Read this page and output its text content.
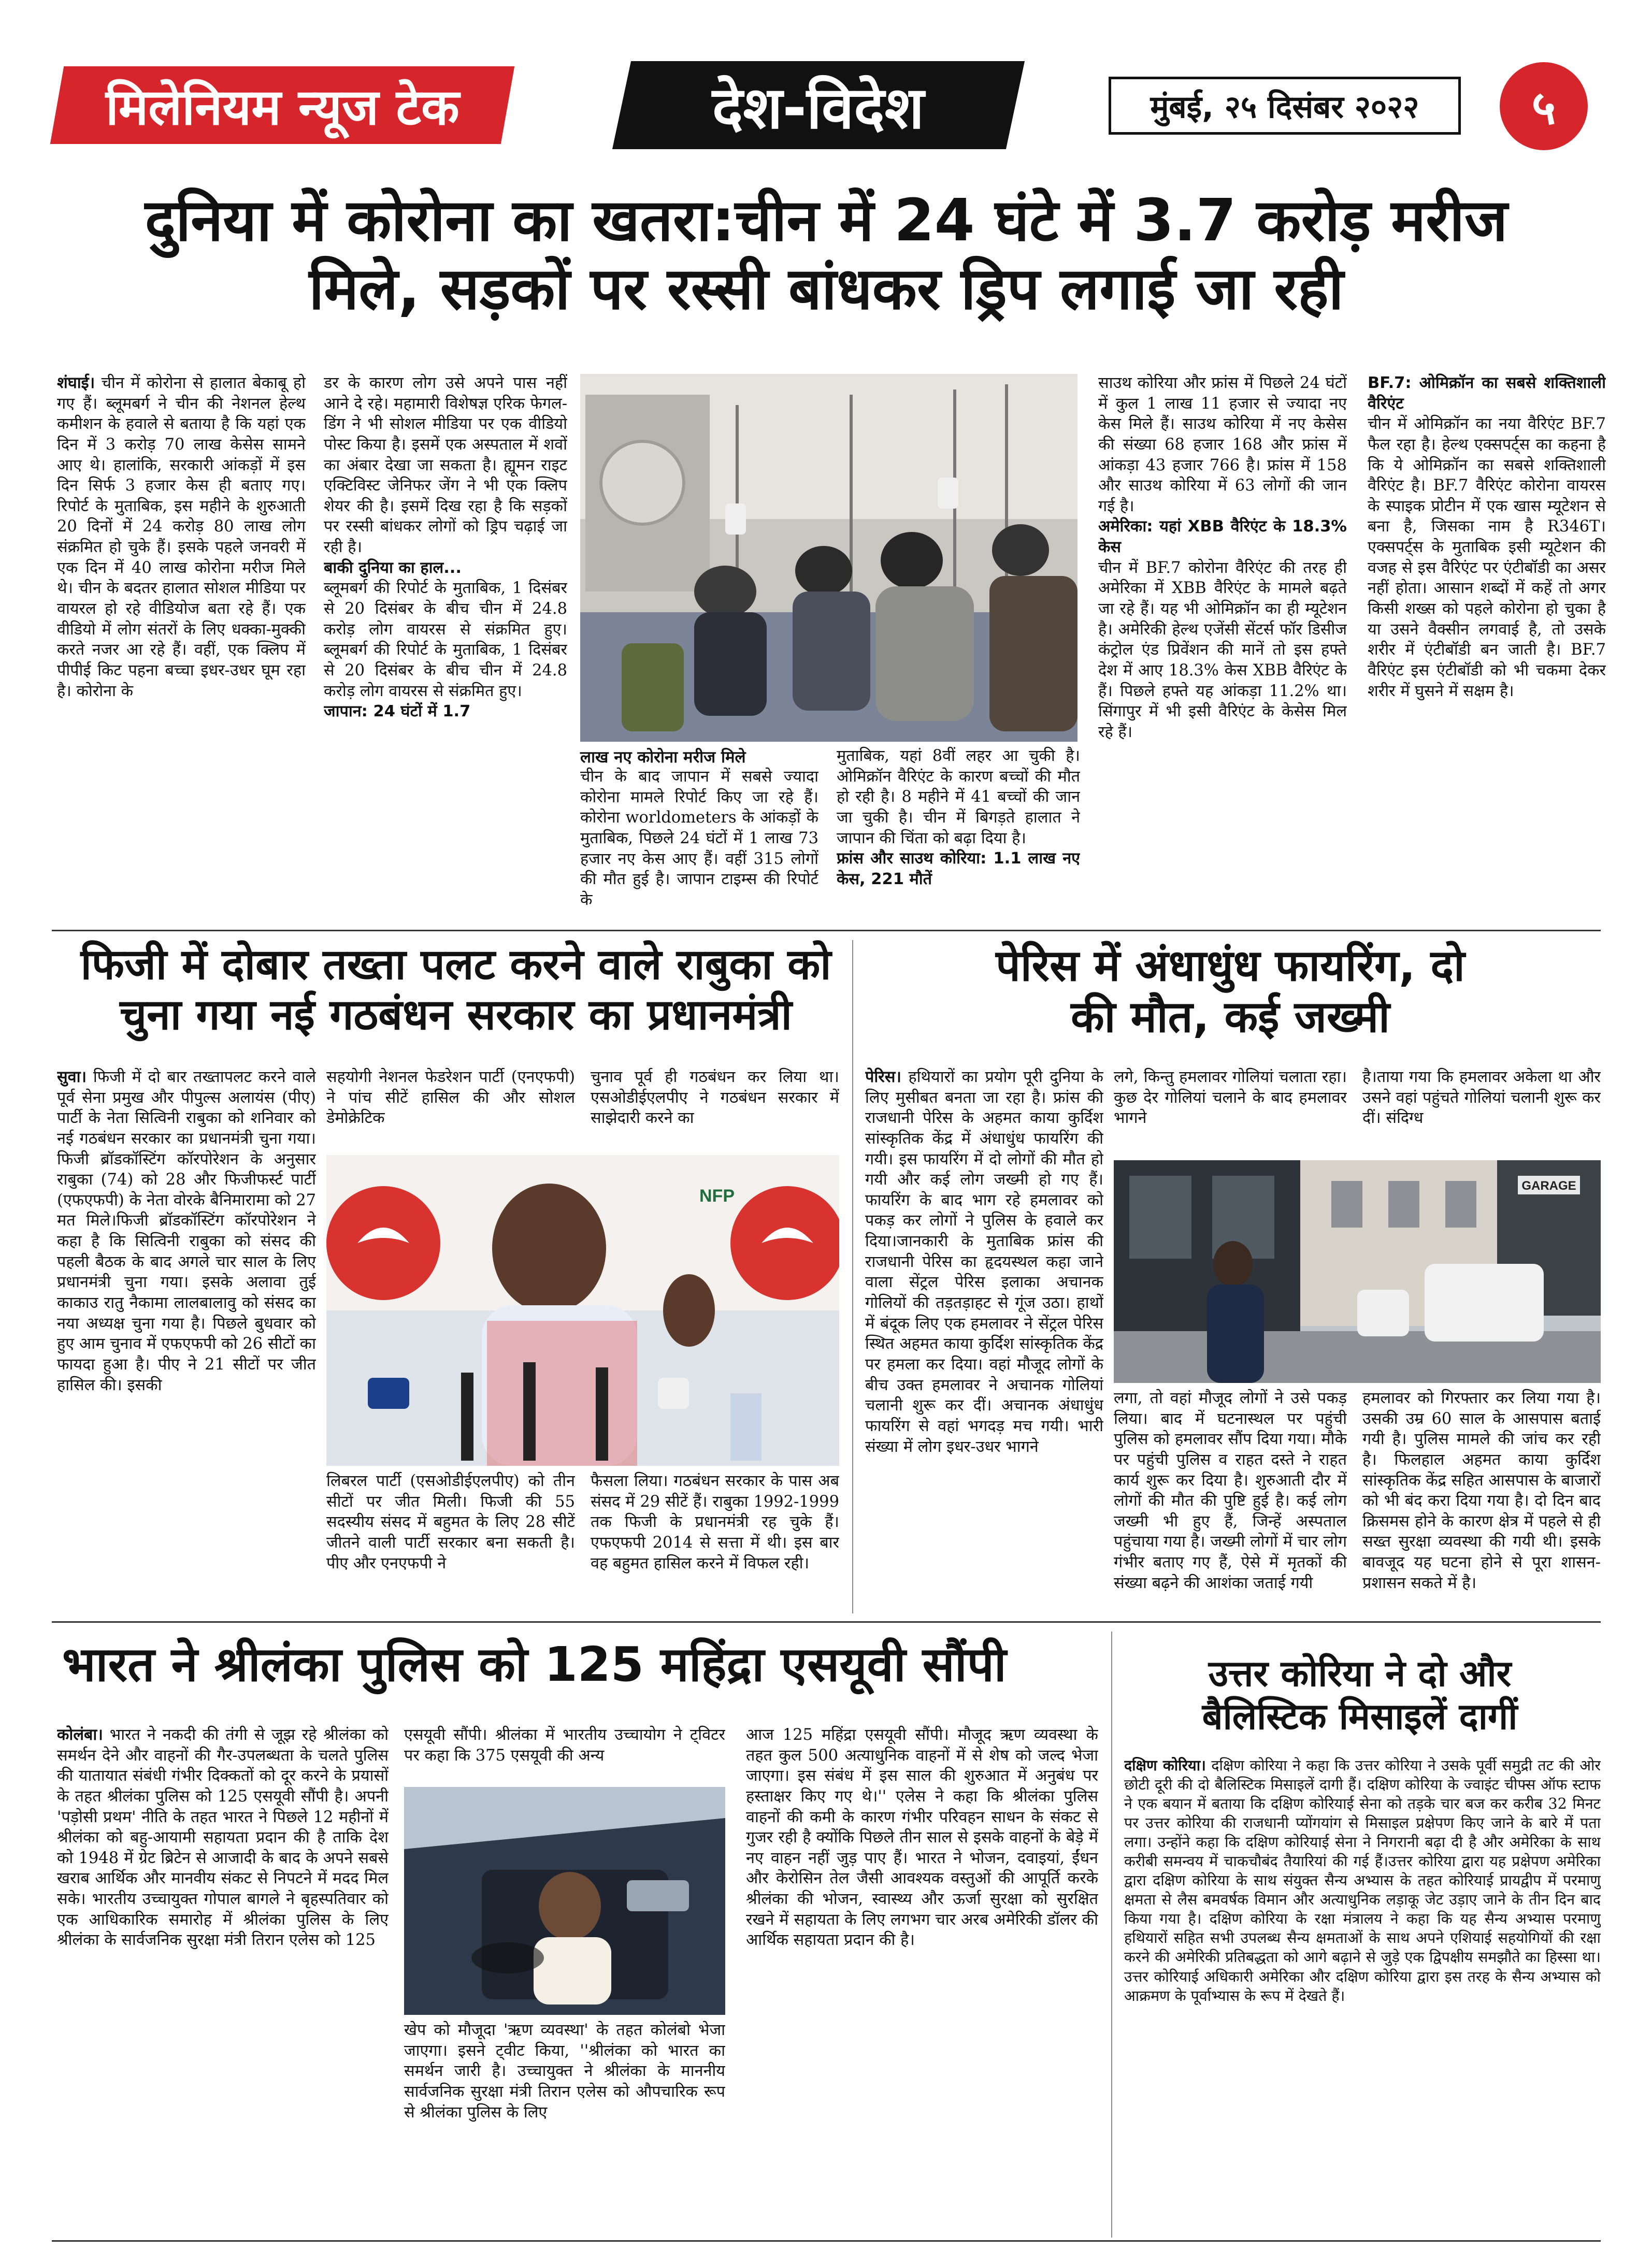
मिलेनियम न्यूज टेक	देश-विदेश	मुंबई, २५ दिसंबर २०२२	५
दुनिया में कोरोना का खतरा:चीन में 24 घंटे में 3.7 करोड़ मरीज
मिले, सड़कों पर रस्सी बांधकर ड्रिप लगाई जा रही
शंघाई। चीन में कोरोना से हालात बेकाबू हो गए हैं। ब्लूमबर्ग ने चीन की नेशनल हेल्थ कमीशन के हवाले से बताया है कि यहां एक दिन में 3 करोड़ 70 लाख केसेस सामने आए थे। हालांकि, सरकारी आंकड़ों में इस दिन सिर्फ 3 हजार केस ही बताए गए। रिपोर्ट के मुताबिक, इस महीने के शुरुआती 20 दिनों में 24 करोड़ 80 लाख लोग संक्रमित हो चुके हैं। इसके पहले जनवरी में एक दिन में 40 लाख कोरोना मरीज मिले थे। चीन के बदतर हालात सोशल मीडिया पर वायरल हो रहे वीडियोज बता रहे हैं। एक वीडियो में लोग संतरों के लिए धक्का-मुक्की करते नजर आ रहे हैं। वहीं, एक क्लिप में पीपीई किट पहना बच्चा इधर-उधर घूम रहा है। कोरोना के
डर के कारण लोग उसे अपने पास नहीं आने दे रहे। महामारी विशेषज्ञ एरिक फेगल-डिंग ने भी सोशल मीडिया पर एक वीडियो पोस्ट किया है। इसमें एक अस्पताल में शवों का अंबार देखा जा सकता है। ह्यूमन राइट एक्टिविस्ट जेनिफर जेंग ने भी एक क्लिप शेयर की है। इसमें दिख रहा है कि सड़कों पर रस्सी बांधकर लोगों को ड्रिप चढ़ाई जा रही है।
बाकी दुनिया का हाल...
ब्लूमबर्ग की रिपोर्ट के मुताबिक, 1 दिसंबर से 20 दिसंबर के बीच चीन में 24.8 करोड़ लोग वायरस से संक्रमित हुए। ब्लूमबर्ग की रिपोर्ट के मुताबिक, 1 दिसंबर से 20 दिसंबर के बीच चीन में 24.8 करोड़ लोग वायरस से संक्रमित हुए।
जापान: 24 घंटों में 1.7
लाख नए कोरोना मरीज मिले
चीन के बाद जापान में सबसे ज्यादा कोरोना मामले रिपोर्ट किए जा रहे हैं। कोरोना worldometers के आंकड़ों के मुताबिक, पिछले 24 घंटों में 1 लाख 73 हजार नए केस आए हैं। वहीं 315 लोगों की मौत हुई है। जापान टाइम्स की रिपोर्ट के
मुताबिक, यहां 8वीं लहर आ चुकी है। ओमिक्रॉन वैरिएंट के कारण बच्चों की मौत हो रही है। 8 महीने में 41 बच्चों की जान जा चुकी है। चीन में बिगड़ते हालात ने जापान की चिंता को बढ़ा दिया है।
फ्रांस और साउथ कोरिया: 1.1 लाख नए केस, 221 मौतें
साउथ कोरिया और फ्रांस में पिछले 24 घंटों में कुल 1 लाख 11 हजार से ज्यादा नए केस मिले हैं। साउथ कोरिया में नए केसेस की संख्या 68 हजार 168 और फ्रांस में आंकड़ा 43 हजार 766 है। फ्रांस में 158 और साउथ कोरिया में 63 लोगों की जान गई है।
अमेरिका: यहां XBB वैरिएंट के 18.3% केस
चीन में BF.7 कोरोना वैरिएंट की तरह ही अमेरिका में XBB वैरिएंट के मामले बढ़ते जा रहे हैं। यह भी ओमिक्रॉन का ही म्यूटेशन है। अमेरिकी हेल्थ एजेंसी सेंटर्स फॉर डिसीज कंट्रोल एंड प्रिवेंशन की मानें तो इस हफ्ते देश में आए 18.3% केस XBB वैरिएंट के हैं। पिछले हफ्ते यह आंकड़ा 11.2% था। सिंगापुर में भी इसी वैरिएंट के केसेस मिल रहे हैं।
BF.7: ओमिक्रॉन का सबसे शक्तिशाली वैरिएंट
चीन में ओमिक्रॉन का नया वैरिएंट BF.7 फैल रहा है। हेल्थ एक्सपर्ट्स का कहना है कि ये ओमिक्रॉन का सबसे शक्तिशाली वैरिएंट है। BF.7 वैरिएंट कोरोना वायरस के स्पाइक प्रोटीन में एक खास म्यूटेशन से बना है, जिसका नाम है R346T। एक्सपर्ट्स के मुताबिक इसी म्यूटेशन की वजह से इस वैरिएंट पर एंटीबॉडी का असर नहीं होता। आसान शब्दों में कहें तो अगर किसी शख्स को पहले कोरोना हो चुका है या उसने वैक्सीन लगवाई है, तो उसके शरीर में एंटीबॉडी बन जाती है। BF.7 वैरिएंट इस एंटीबॉडी को भी चकमा देकर शरीर में घुसने में सक्षम है।
फिजी में दोबार तख्ता पलट करने वाले राबुका को
चुना गया नई गठबंधन सरकार का प्रधानमंत्री
सुवा। फिजी में दो बार तख्तापलट करने वाले पूर्व सेना प्रमुख और पीपुल्स अलायंस (पीए) पार्टी के नेता सित्विनी राबुका को शनिवार को नई गठबंधन सरकार का प्रधानमंत्री चुना गया। फिजी ब्रॉडकॉस्टिंग कॉरपोरेशन के अनुसार राबुका (74) को 28 और फिजीफर्स्ट पार्टी (एफएफपी) के नेता वोरके बैनिमारामा को 27 मत मिले।फिजी ब्रॉडकॉस्टिंग कॉरपोरेशन ने कहा है कि सित्विनी राबुका को संसद की पहली बैठक के बाद अगले चार साल के लिए प्रधानमंत्री चुना गया। इसके अलावा तुई काकाउ रातु नैकामा लालबालावु को संसद का नया अध्यक्ष चुना गया है। पिछले बुधवार को हुए आम चुनाव में एफएफपी को 26 सीटों का फायदा हुआ है। पीए ने 21 सीटों पर जीत हासिल की। इसकी
सहयोगी नेशनल फेडरेशन पार्टी (एनएफपी) ने पांच सीटें हासिल की और सोशल डेमोक्रेटिक
चुनाव पूर्व ही गठबंधन कर लिया था। एसओडीईएलपीए ने गठबंधन सरकार में साझेदारी करने का
NFP
लिबरल पार्टी (एसओडीईएलपीए) को तीन सीटों पर जीत मिली। फिजी की 55 सदस्यीय संसद में बहुमत के लिए 28 सीटें जीतने वाली पार्टी सरकार बना सकती है। पीए और एनएफपी ने
फैसला लिया। गठबंधन सरकार के पास अब संसद में 29 सीटें हैं। राबुका 1992-1999 तक फिजी के प्रधानमंत्री रह चुके हैं। एफएफपी 2014 से सत्ता में थी। इस बार वह बहुमत हासिल करने में विफल रही।
पेरिस में अंधाधुंध फायरिंग, दो
की मौत, कई जख्मी
पेरिस। हथियारों का प्रयोग पूरी दुनिया के लिए मुसीबत बनता जा रहा है। फ्रांस की राजधानी पेरिस के अहमत काया कुर्दिश सांस्कृतिक केंद्र में अंधाधुंध फायरिंग की गयी। इस फायरिंग में दो लोगों की मौत हो गयी और कई लोग जख्मी हो गए हैं। फायरिंग के बाद भाग रहे हमलावर को पकड़ कर लोगों ने पुलिस के हवाले कर दिया।जानकारी के मुताबिक फ्रांस की राजधानी पेरिस का हृदयस्थल कहा जाने वाला सेंट्रल पेरिस इलाका अचानक गोलियों की तड़तड़ाहट से गूंज उठा। हाथों में बंदूक लिए एक हमलावर ने सेंट्रल पेरिस स्थित अहमत काया कुर्दिश सांस्कृतिक केंद्र पर हमला कर दिया। वहां मौजूद लोगों के बीच उक्त हमलावर ने अचानक गोलियां चलानी शुरू कर दीं। अचानक अंधाधुंध फायरिंग से वहां भगदड़ मच गयी। भारी संख्या में लोग इधर-उधर भागने
लगे, किन्तु हमलावर गोलियां चलाता रहा। कुछ देर गोलियां चलाने के बाद हमलावर भागने
है।ताया गया कि हमलावर अकेला था और उसने वहां पहुंचते गोलियां चलानी शुरू कर दीं। संदिग्ध
GARAGE
लगा, तो वहां मौजूद लोगों ने उसे पकड़ लिया। बाद में घटनास्थल पर पहुंची पुलिस को हमलावर सौंप दिया गया। मौके पर पहुंची पुलिस व राहत दस्ते ने राहत कार्य शुरू कर दिया है। शुरुआती दौर में लोगों की मौत की पुष्टि हुई है। कई लोग जख्मी भी हुए हैं, जिन्हें अस्पताल पहुंचाया गया है। जख्मी लोगों में चार लोग गंभीर बताए गए हैं, ऐसे में मृतकों की संख्या बढ़ने की आशंका जताई गयी
हमलावर को गिरफ्तार कर लिया गया है। उसकी उम्र 60 साल के आसपास बताई गयी है। पुलिस मामले की जांच कर रही है। फिलहाल अहमत काया कुर्दिश सांस्कृतिक केंद्र सहित आसपास के बाजारों को भी बंद करा दिया गया है। दो दिन बाद क्रिसमस होने के कारण क्षेत्र में पहले से ही सख्त सुरक्षा व्यवस्था की गयी थी। इसके बावजूद यह घटना होने से पूरा शासन-प्रशासन सकते में है।
भारत ने श्रीलंका पुलिस को 125 महिंद्रा एसयूवी सौंपी
कोलंबा। भारत ने नकदी की तंगी से जूझ रहे श्रीलंका को समर्थन देने और वाहनों की गैर-उपलब्धता के चलते पुलिस की यातायात संबंधी गंभीर दिक्कतों को दूर करने के प्रयासों के तहत श्रीलंका पुलिस को 125 एसयूवी सौंपी है। अपनी 'पड़ोसी प्रथम' नीति के तहत भारत ने पिछले 12 महीनों में श्रीलंका को बहु-आयामी सहायता प्रदान की है ताकि देश को 1948 में ग्रेट ब्रिटेन से आजादी के बाद के अपने सबसे खराब आर्थिक और मानवीय संकट से निपटने में मदद मिल सके। भारतीय उच्चायुक्त गोपाल बागले ने बृहस्पतिवार को एक आधिकारिक समारोह में श्रीलंका पुलिस के लिए श्रीलंका के सार्वजनिक सुरक्षा मंत्री तिरान एलेस को 125
एसयूवी सौंपी। श्रीलंका में भारतीय उच्चायोग ने ट्विटर पर कहा कि 375 एसयूवी की अन्य
खेप को मौजूदा 'ऋण व्यवस्था' के तहत कोलंबो भेजा जाएगा। इसने ट्वीट किया, ''श्रीलंका को भारत का समर्थन जारी है। उच्चायुक्त ने श्रीलंका के माननीय सार्वजनिक सुरक्षा मंत्री तिरान एलेस को औपचारिक रूप से श्रीलंका पुलिस के लिए
आज 125 महिंद्रा एसयूवी सौंपी। मौजूद ऋण व्यवस्था के तहत कुल 500 अत्याधुनिक वाहनों में से शेष को जल्द भेजा जाएगा। इस संबंध में इस साल की शुरुआत में अनुबंध पर हस्ताक्षर किए गए थे।'' एलेस ने कहा कि श्रीलंका पुलिस वाहनों की कमी के कारण गंभीर परिवहन साधन के संकट से गुजर रही है क्योंकि पिछले तीन साल से इसके वाहनों के बेड़े में नए वाहन नहीं जुड़ पाए हैं। भारत ने भोजन, दवाइयां, ईंधन और केरोसिन तेल जैसी आवश्यक वस्तुओं की आपूर्ति करके श्रीलंका की भोजन, स्वास्थ्य और ऊर्जा सुरक्षा को सुरक्षित रखने में सहायता के लिए लगभग चार अरब अमेरिकी डॉलर की आर्थिक सहायता प्रदान की है।
उत्तर कोरिया ने दो और
बैलिस्टिक मिसाइलें दागीं
दक्षिण कोरिया। दक्षिण कोरिया ने कहा कि उत्तर कोरिया ने उसके पूर्वी समुद्री तट की ओर छोटी दूरी की दो बैलिस्टिक मिसाइलें दागी हैं। दक्षिण कोरिया के ज्वाइंट चीफ्स ऑफ स्टाफ ने एक बयान में बताया कि दक्षिण कोरियाई सेना को तड़के चार बज कर करीब 32 मिनट पर उत्तर कोरिया की राजधानी प्योंगयांग से मिसाइल प्रक्षेपण किए जाने के बारे में पता लगा। उन्होंने कहा कि दक्षिण कोरियाई सेना ने निगरानी बढ़ा दी है और अमेरिका के साथ करीबी समन्वय में चाकचौबंद तैयारियां की गई हैं।उत्तर कोरिया द्वारा यह प्रक्षेपण अमेरिका द्वारा दक्षिण कोरिया के साथ संयुक्त सैन्य अभ्यास के तहत कोरियाई प्रायद्वीप में परमाणु क्षमता से लैस बमवर्षक विमान और अत्याधुनिक लड़ाकू जेट उड़ाए जाने के तीन दिन बाद किया गया है। दक्षिण कोरिया के रक्षा मंत्रालय ने कहा कि यह सैन्य अभ्यास परमाणु हथियारों सहित सभी उपलब्ध सैन्य क्षमताओं के साथ अपने एशियाई सहयोगियों की रक्षा करने की अमेरिकी प्रतिबद्धता को आगे बढ़ाने से जुड़े एक द्विपक्षीय समझौते का हिस्सा था। उत्तर कोरियाई अधिकारी अमेरिका और दक्षिण कोरिया द्वारा इस तरह के सैन्य अभ्यास को आक्रमण के पूर्वाभ्यास के रूप में देखते हैं।
